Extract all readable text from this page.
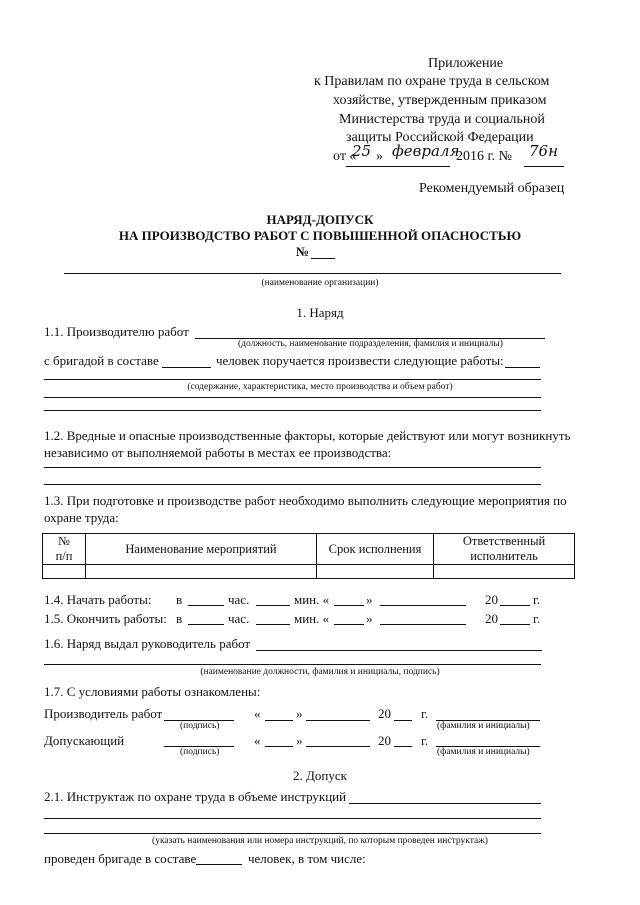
Приложение
к Правилам по охране труда в сельском
хозяйстве, утвержденным приказом
Министерства труда и социальной
защиты Российской Федерации
от «
25 » февраля
2016 г. № 76н
Рекомендуемый образец
НАРЯД-ДОПУСК
НА ПРОИЗВОДСТВО РАБОТ С ПОВЫШЕННОЙ ОПАСНОСТЬЮ
№
(наименование организации)
1. Наряд
1.1. Производителю работ
(должность, наименование подразделения, фамилия и инициалы)
с бригадой в составе	человек поручается произвести следующие работы:
(содержание, характеристика, место производства и объем работ)
1.2. Вредные и опасные производственные факторы, которые действуют или могут возникнуть
независимо от выполняемой работы в местах ее производства:
1.3. При подготовке и производстве работ необходимо выполнить следующие мероприятия по
охране труда:
№
п/п	Наименование мероприятий	Срок исполнения	Ответственный
исполнитель

1.4. Начать работы: в	час.	мин. «	»	20	г.
1.5. Окончить работы: в	час.	мин. «	»	20	г.
1.6. Наряд выдал руководитель работ
(наименование должности, фамилия и инициалы, подпись)
1.7. С условиями работы ознакомлены:
Производитель работ
(подпись)
«	»	20 г.
(фамилия и инициалы)
Допускающий
(подпись)
«	»	20 г.
(фамилия и инициалы)
2. Допуск
2.1. Инструктаж по охране труда в объеме инструкций
(указать наименования или номера инструкций, по которым проведен инструктаж)
проведен бригаде в составе	человек, в том числе:
